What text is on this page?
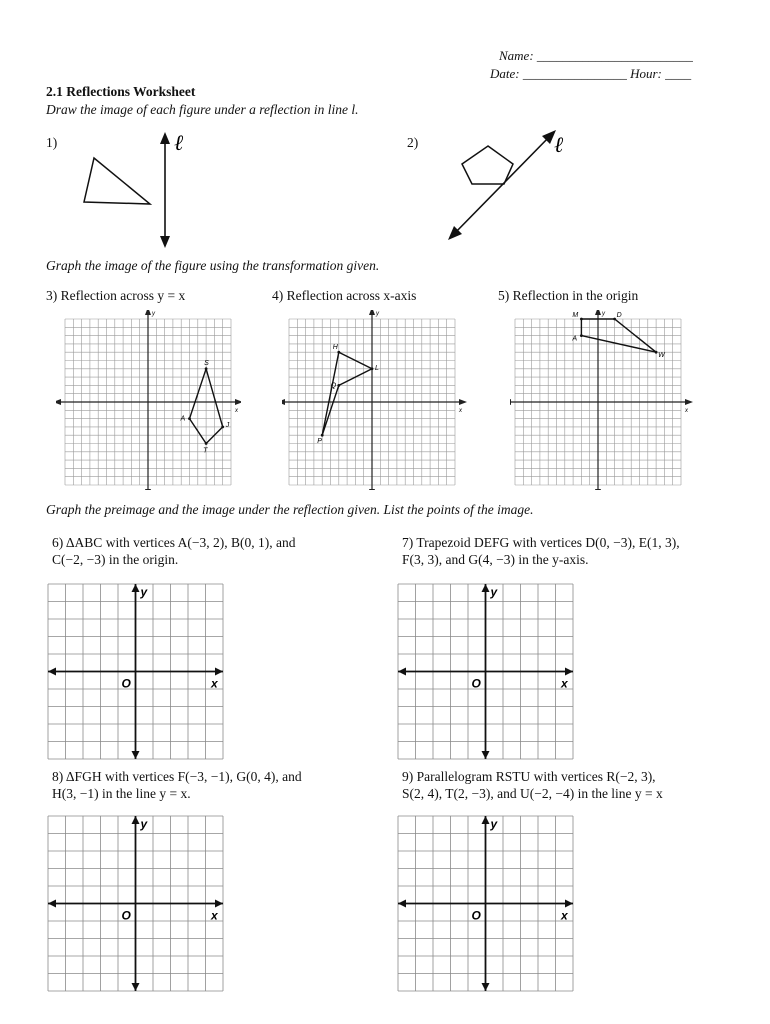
Name: ________________________
Date: ________________ Hour: ____
2.1 Reflections Worksheet
Draw the image of each figure under a reflection in line l.
1)	ℓ	2)	ℓ
Graph the image of the figure using the transformation given.
3) Reflection across y = x	4) Reflection across x-axis	5) Reflection in the origin
x
y
S
A
T
J
x
y
H
L
Q
P
x
y
M	D
W
A
Graph the preimage and the image under the reflection given. List the points of the image.
6) ΔABC with vertices A(−3, 2), B(0, 1), and
C(−2, −3) in the origin.
7) Trapezoid DEFG with vertices D(0, −3), E(1, 3),
F(3, 3), and G(4, −3) in the y-axis.
8) ΔFGH with vertices F(−3, −1), G(0, 4), and
H(3, −1) in the line y = x.
9) Parallelogram RSTU with vertices R(−2, 3),
S(2, 4), T(2, −3), and U(−2, −4) in the line y = x
y
x
O
y
x
O
y
x
O
y
x
O
